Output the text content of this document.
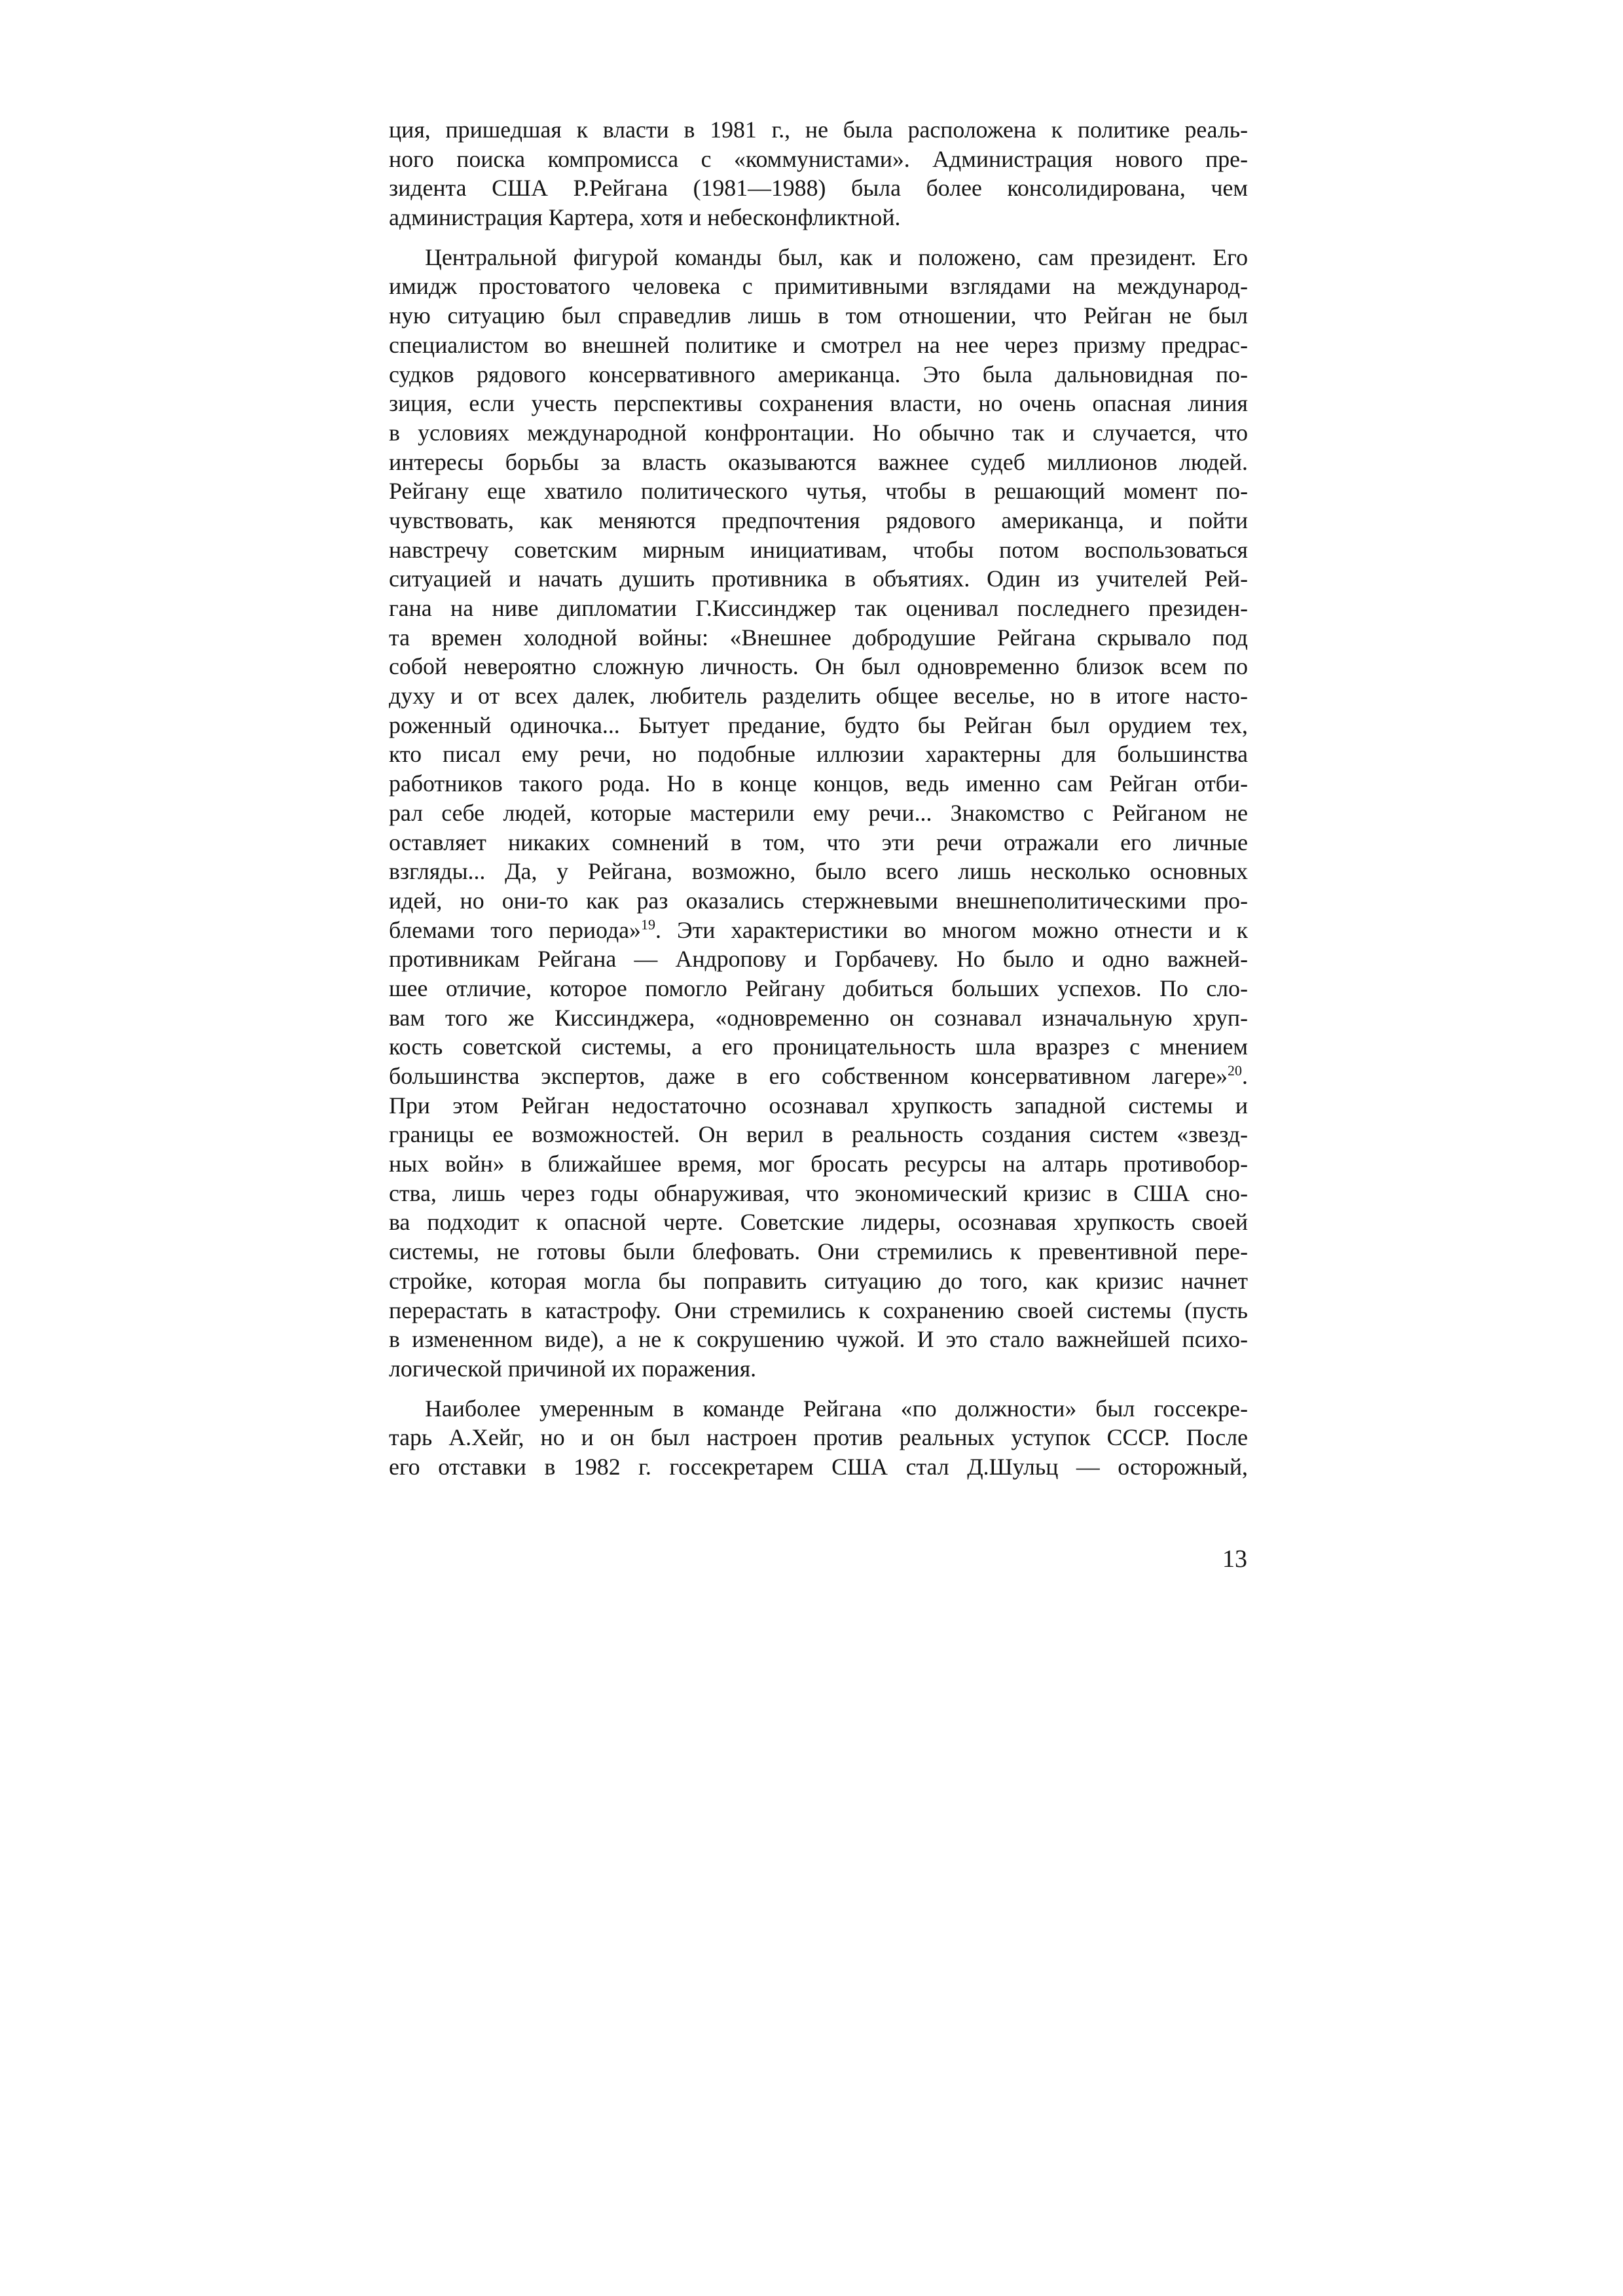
ция, пришедшая к власти в 1981 г., не была расположена к политике реаль-
ного поиска компромисса с «коммунистами». Администрация нового пре-
зидента США Р.Рейгана (1981—1988) была более консолидирована, чем
администрация Картера, хотя и небесконфликтной.
Центральной фигурой команды был, как и положено, сам президент. Его
имидж простоватого человека с примитивными взглядами на международ-
ную ситуацию был справедлив лишь в том отношении, что Рейган не был
специалистом во внешней политике и смотрел на нее через призму предрас-
судков рядового консервативного американца. Это была дальновидная по-
зиция, если учесть перспективы сохранения власти, но очень опасная линия
в условиях международной конфронтации. Но обычно так и случается, что
интересы борьбы за власть оказываются важнее судеб миллионов людей.
Рейгану еще хватило политического чутья, чтобы в решающий момент по-
чувствовать, как меняются предпочтения рядового американца, и пойти
навстречу советским мирным инициативам, чтобы потом воспользоваться
ситуацией и начать душить противника в объятиях. Один из учителей Рей-
гана на ниве дипломатии Г.Киссинджер так оценивал последнего президен-
та времен холодной войны: «Внешнее добродушие Рейгана скрывало под
собой невероятно сложную личность. Он был одновременно близок всем по
духу и от всех далек, любитель разделить общее веселье, но в итоге насто-
роженный одиночка... Бытует предание, будто бы Рейган был орудием тех,
кто писал ему речи, но подобные иллюзии характерны для большинства
работников такого рода. Но в конце концов, ведь именно сам Рейган отби-
рал себе людей, которые мастерили ему речи... Знакомство с Рейганом не
оставляет никаких сомнений в том, что эти речи отражали его личные
взгляды... Да, у Рейгана, возможно, было всего лишь несколько основных
идей, но они-то как раз оказались стержневыми внешнеполитическими про-
блемами того периода»$^{19}$. Эти характеристики во многом можно отнести и к
противникам Рейгана — Андропову и Горбачеву. Но было и одно важней-
шее отличие, которое помогло Рейгану добиться больших успехов. По сло-
вам того же Киссинджера, «одновременно он сознавал изначальную хруп-
кость советской системы, а его проницательность шла вразрез с мнением
большинства экспертов, даже в его собственном консервативном лагере»$^{20}$.
При этом Рейган недостаточно осознавал хрупкость западной системы и
границы ее возможностей. Он верил в реальность создания систем «звезд-
ных войн» в ближайшее время, мог бросать ресурсы на алтарь противобор-
ства, лишь через годы обнаруживая, что экономический кризис в США сно-
ва подходит к опасной черте. Советские лидеры, осознавая хрупкость своей
системы, не готовы были блефовать. Они стремились к превентивной пере-
стройке, которая могла бы поправить ситуацию до того, как кризис начнет
перерастать в катастрофу. Они стремились к сохранению своей системы (пусть
в измененном виде), а не к сокрушению чужой. И это стало важнейшей психо-
логической причиной их поражения.
Наиболее умеренным в команде Рейгана «по должности» был госсекре-
тарь А.Хейг, но и он был настроен против реальных уступок СССР. После
его отставки в 1982 г. госсекретарем США стал Д.Шульц — осторожный,
13
